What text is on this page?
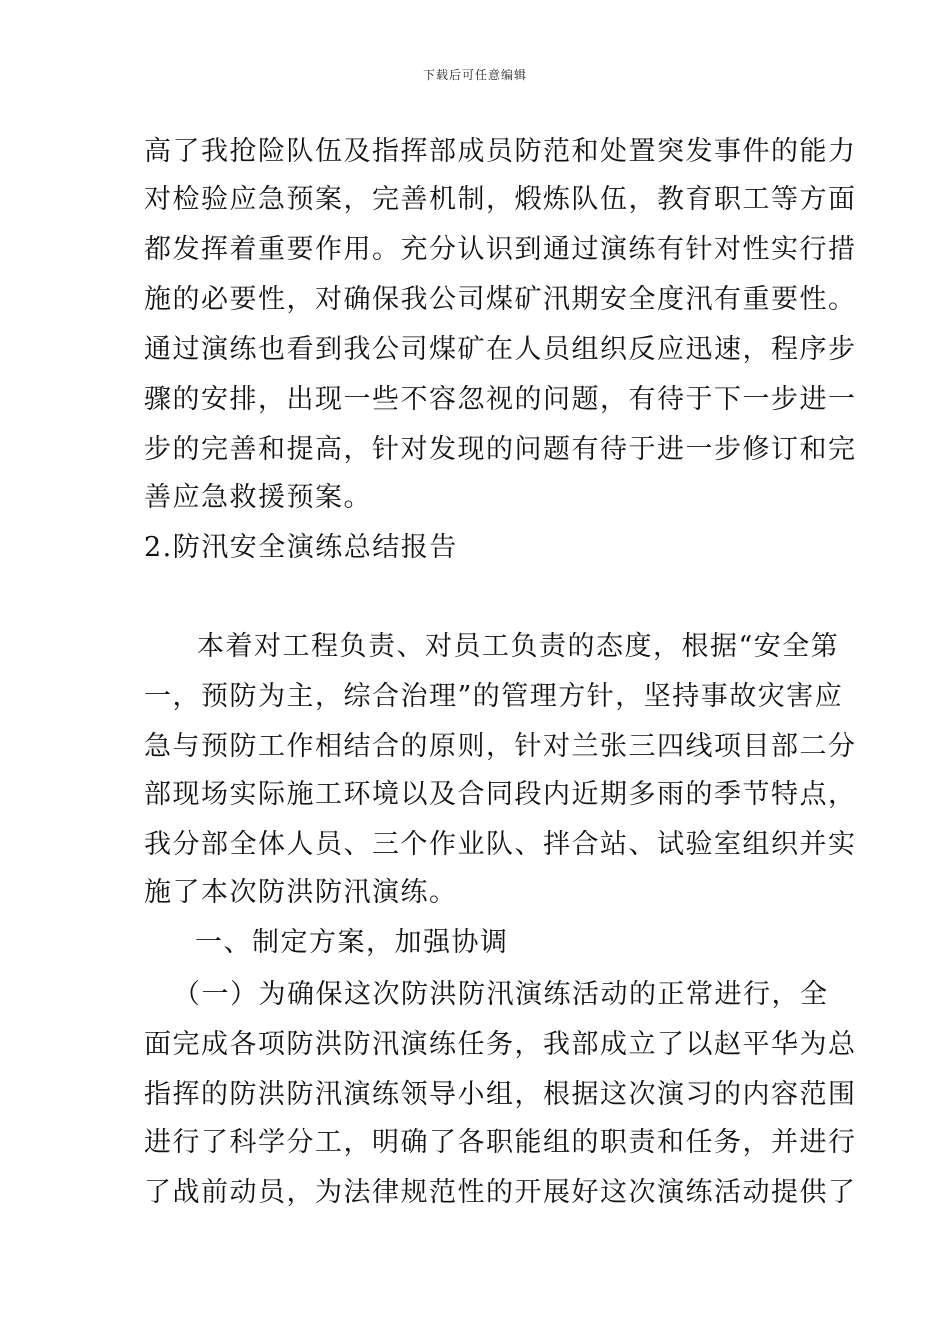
下载后可任意编辑
高了我抢险队伍及指挥部成员防范和处置突发事件的能力
对检验应急预案，完善机制，煅炼队伍，教育职工等方面
都发挥着重要作用。充分认识到通过演练有针对性实行措
施的必要性，对确保我公司煤矿汛期安全度汛有重要性。
通过演练也看到我公司煤矿在人员组织反应迅速，程序步
骤的安排，出现一些不容忽视的问题，有待于下一步进一
步的完善和提高，针对发现的问题有待于进一步修订和完
善应急救援预案。
2.防汛安全演练总结报告
本着对工程负责、对员工负责的态度，根据“安全第
一，预防为主，综合治理”的管理方针，坚持事故灾害应
急与预防工作相结合的原则，针对兰张三四线项目部二分
部现场实际施工环境以及合同段内近期多雨的季节特点，
我分部全体人员、三个作业队、拌合站、试验室组织并实
施了本次防洪防汛演练。
一、制定方案，加强协调
（一）为确保这次防洪防汛演练活动的正常进行，全
面完成各项防洪防汛演练任务，我部成立了以赵平华为总
指挥的防洪防汛演练领导小组，根据这次演习的内容范围
进行了科学分工，明确了各职能组的职责和任务，并进行
了战前动员，为法律规范性的开展好这次演练活动提供了
